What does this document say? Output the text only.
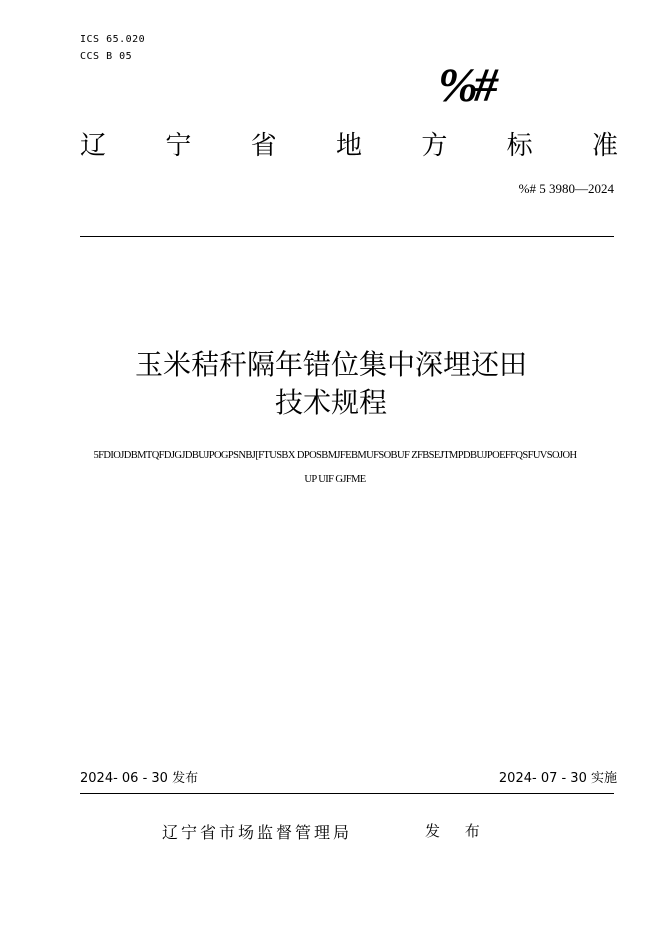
ICS 65.020
CCS B 05
%#
辽 宁 省 地 方 标 准
%# 5 3980—2024
玉米秸秆隔年错位集中深埋还田
技术规程
5FDIOJDBMTQFDJGJDBUJPOGPSNBJ[FTUSBX DPOSBMJFEBMUFSOBUF ZFBSEJTMPDBUJPOEFFQSFUVSOJOH
UP UIF GJFME
2024- 06 - 30 发布	2024- 07 - 30 实施
辽宁省市场监督管理局	发 布
